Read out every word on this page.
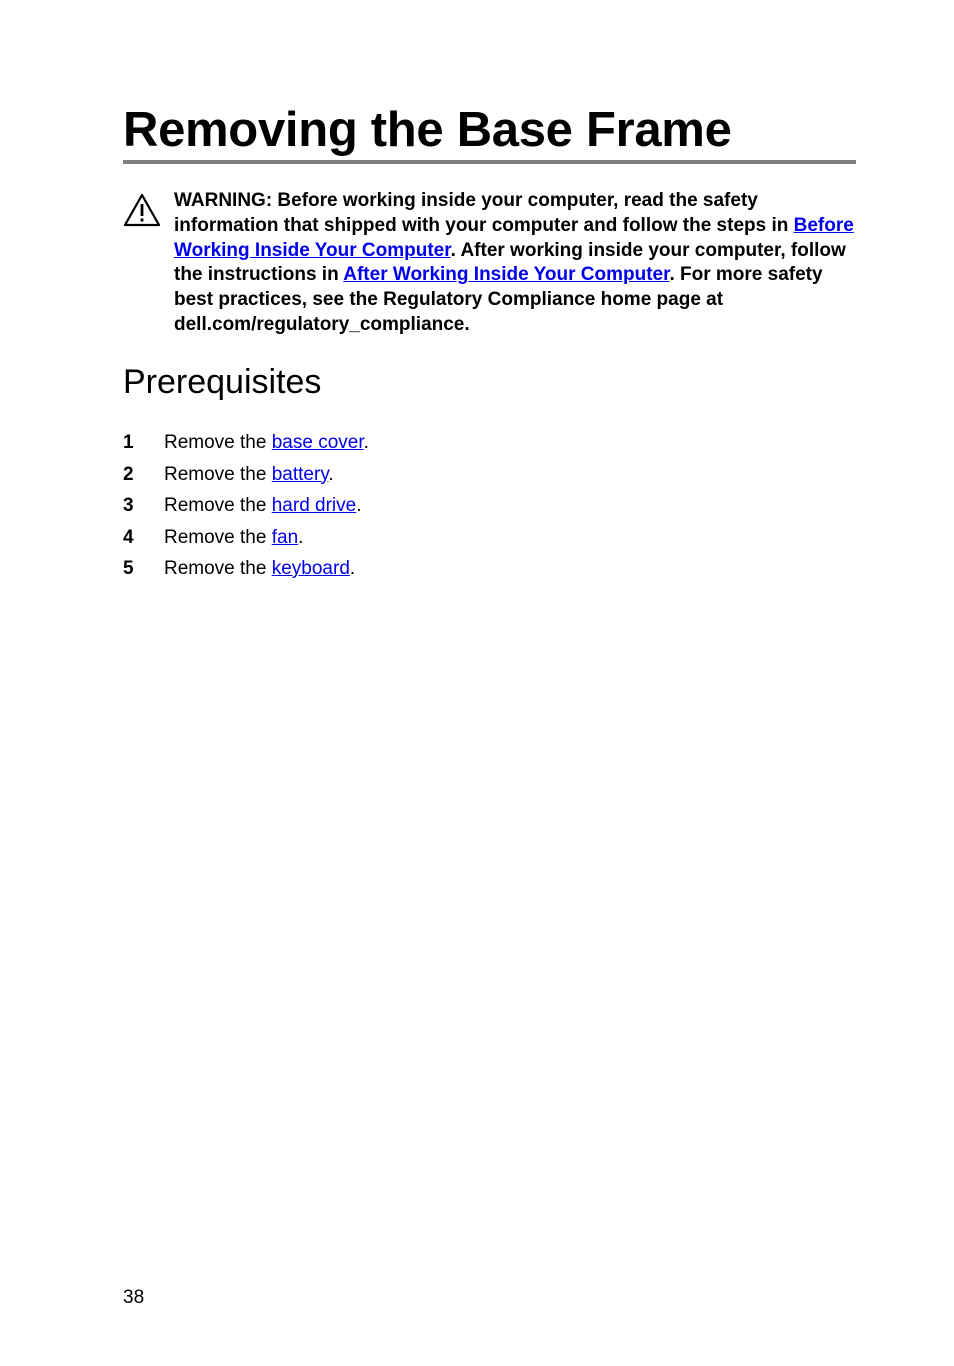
Removing the Base Frame
WARNING: Before working inside your computer, read the safety information that shipped with your computer and follow the steps in Before Working Inside Your Computer. After working inside your computer, follow the instructions in After Working Inside Your Computer. For more safety best practices, see the Regulatory Compliance home page at dell.com/regulatory_compliance.
Prerequisites
1 Remove the base cover.
2 Remove the battery.
3 Remove the hard drive.
4 Remove the fan.
5 Remove the keyboard.
38
